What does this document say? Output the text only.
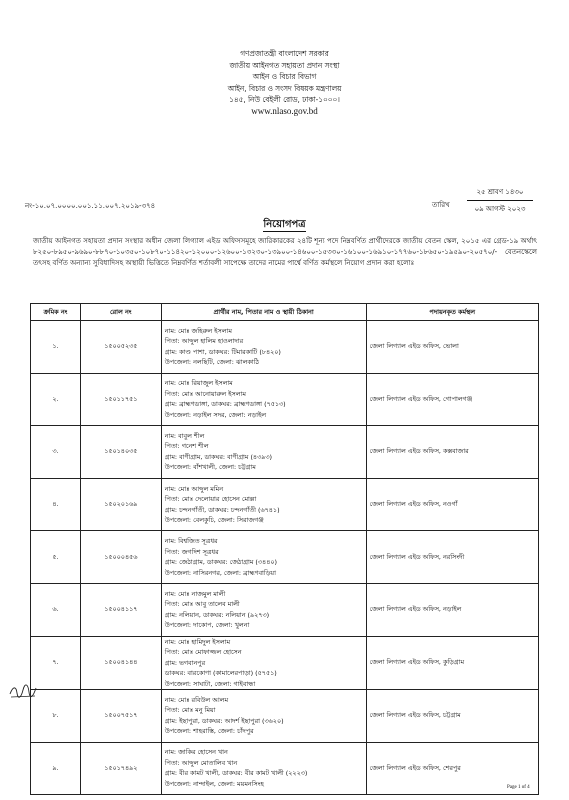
গণপ্রজাতন্ত্রী বাংলাদেশ সরকার
জাতীয় আইনগত সহায়তা প্রদান সংস্থা
আইন ও বিচার বিভাগ
আইন, বিচার ও সংসদ বিষয়ক মন্ত্রণালয়
১৪৫, নিউ বেইলী রোড, ঢাকা-১০০০।
www.nlaso.gov.bd
নং-১০.০৭.০০০০.০০১.১১.০০৭.২০১৯-৩৭৪	তারিখ
২৫ শ্রাবণ ১৪৩০
০৯ আগস্ট ২০২৩
নিয়োগপত্র
জাতীয় আইনগত সহায়তা প্রদান সংস্থার অধীন জেলা লিগ্যাল এইড অফিসসমূহে জারিকারকের ২৪টি শূন্য পদে নিম্নবর্ণিত প্রার্থীদেরকে জাতীয় বেতন স্কেল, ২০১৫ এর গ্রেড-১৯ অর্থাৎ ৮২৫০-৮৯৫০-৯৬৯০-৮৮৭০-১০৩৫০-১০৮৭০-১১৪২০-১২০০০-১২৬০০-১৩২৩০-১৩৯০০-১৪৬০০-১৫৩৩০-১৬১০০-১৬৯১০-১৭৭৬০-১৮৬৫০-১৯৫৯০-২০৫৭০/- বেতনস্কেলে তৎসহ বর্ণিত অন্যান্য সুবিধাদিসহ অস্থায়ী ভিত্তিতে নিম্নবর্ণিত শর্তাবলী সাপেক্ষে তাদের নামের পার্শ্বে বর্ণিত কর্মস্থলে নিয়োগ প্রদান করা হলোঃ
ক্রমিক নং	রোল নং	প্রার্থীর নাম, পিতার নাম ও স্থায়ী ঠিকানা	পদায়নকৃত কর্মস্থল
১.	১৫০০৫২৩৫	নাম: মোঃ জহিরুল ইসলাম
পিতা: আব্দুল হালিম হাওলাদার
গ্রাম: কাণ্ড পাশা, ডাকঘর: টিমারকাটি (৮৪২০)
উপজেলা: নলছিটি, জেলা: ঝালকাঠি	জেলা লিগ্যাল এইড অফিস, ভোলা
২.	১৫০১১৭৫১	নাম: মোঃ রিয়াজুল ইসলাম
পিতা: মোঃ আনোয়ারুল ইসলাম
গ্রাম: ব্রাহ্মণডাঙ্গা, ডাকঘর: ব্রাহ্মণডাঙ্গা (৭৫১৩)
উপজেলা: নড়াইল সদর, জেলা: নড়াইল	জেলা লিগ্যাল এইড অফিস, গোপালগঞ্জ
৩.	১৫০১৪০৩৫	নাম: বাবুল শীল
পিতা: গনেশ শীল
গ্রাম: বাণীগ্রাম, ডাকঘর: বাণীগ্রাম (৪৩৯৩)
উপজেলা: বাঁশখালী, জেলা: চট্টগ্রাম	জেলা লিগ্যাল এইড অফিস, কক্সবাজার
৪.	১৫০২০১৬৯	নাম: মোঃ আব্দুল মমিন
পিতা: মোঃ দেলোয়ার হোসেন মোল্লা
গ্রাম: চন্দনগাঁতী, ডাকঘর: চন্দনগাঁতী (৬৭৪১)
উপজেলা: বেলকুচি, জেলা: সিরাজগঞ্জ	জেলা লিগ্যাল এইড অফিস, নওগাঁ
৫.	১৫০০০৪৫৬	নাম: বিশ্বজিত সূত্রধর
পিতা: জগদিশ সূত্রধর
গ্রাম: জেঠাগ্রাম, ডাকঘর: জেঠাগ্রাম (৩৪৪০)
উপজেলা: নাসিরনগর, জেলা: ব্রাহ্মণবাড়িয়া	জেলা লিগ্যাল এইড অফিস, নরসিংদী
৬.	১৫০০৪১১৭	নাম: মোঃ নাজমুল মালী
পিতা: মোঃ আবু তালেব মালী
গ্রাম: নলিয়ান, ডাকঘর: নলিয়ান (৯২৭৩)
উপজেলা: দাকোপ, জেলা: খুলনা	জেলা লিগ্যাল এইড অফিস, নড়াইল
৭.	১৫০০৪১৪৪	নাম: মোঃ হামিদুল ইসলাম
পিতা: মোঃ মোফাজ্জল হোসেন
গ্রাম: ভগবানপুর
ডাকঘর: বারকোণা (কামালেরপাড়া) (৫৭৫১)
উপজেলা: সাঘাটা, জেলা: গাইবান্ধা	জেলা লিগ্যাল এইড অফিস, কুড়িগ্রাম
৮.	১৫০০৭৫১৭	নাম: মোঃ রবিউল আলম
পিতা: মোঃ মনু মিয়া
গ্রাম: ইছাপুরা, ডাকঘর: আদর্শ ইছাপুরা (৩৬২০)
উপজেলা: শাহরাস্তি, জেলা: চাঁদপুর	জেলা লিগ্যাল এইড অফিস, চট্টগ্রাম
৯.	১৫০১৭৪৯২	নাম: জাকির হোসেন খান
পিতা: আব্দুল মোতালিব খান
গ্রাম: বীর কামট খালী, ডাকঘর: বীর কামট খালী (২২২৩)
উপজেলা: নান্দাইল, জেলা: ময়মনসিংহ	জেলা লিগ্যাল এইড অফিস, শেরপুর
Page 1 of 4
